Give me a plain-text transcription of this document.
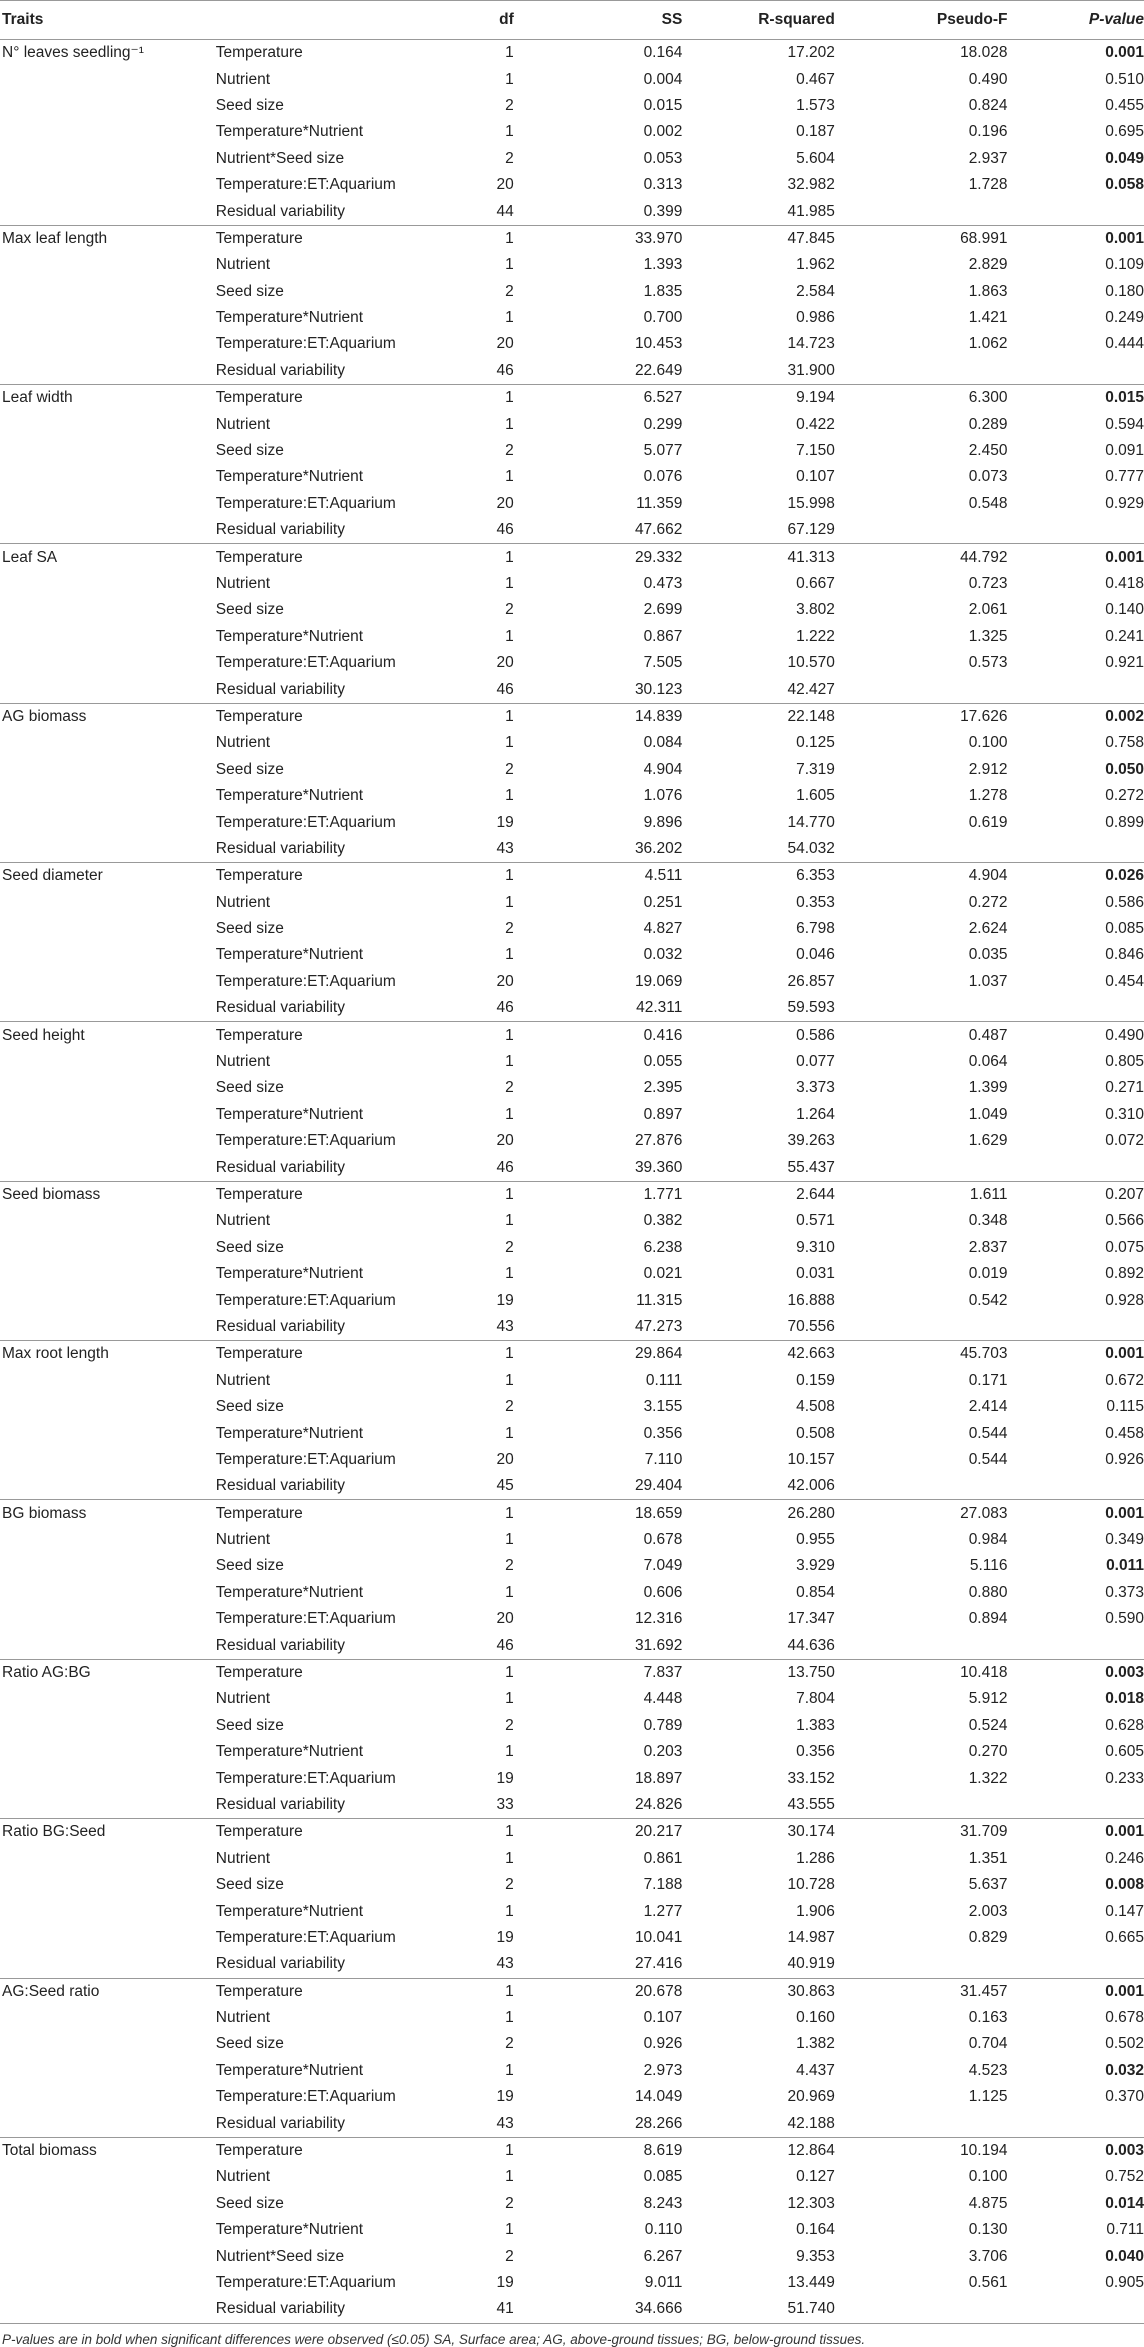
Traits		df	SS	R-squared	Pseudo-F	P-value
N° leaves seedling⁻¹	Temperature	1	0.164	17.202	18.028	0.001
	Nutrient	1	0.004	0.467	0.490	0.510
	Seed size	2	0.015	1.573	0.824	0.455
	Temperature*Nutrient	1	0.002	0.187	0.196	0.695
	Nutrient*Seed size	2	0.053	5.604	2.937	0.049
	Temperature:ET:Aquarium	20	0.313	32.982	1.728	0.058
	Residual variability	44	0.399	41.985		
Max leaf length	Temperature	1	33.970	47.845	68.991	0.001
	Nutrient	1	1.393	1.962	2.829	0.109
	Seed size	2	1.835	2.584	1.863	0.180
	Temperature*Nutrient	1	0.700	0.986	1.421	0.249
	Temperature:ET:Aquarium	20	10.453	14.723	1.062	0.444
	Residual variability	46	22.649	31.900		
Leaf width	Temperature	1	6.527	9.194	6.300	0.015
	Nutrient	1	0.299	0.422	0.289	0.594
	Seed size	2	5.077	7.150	2.450	0.091
	Temperature*Nutrient	1	0.076	0.107	0.073	0.777
	Temperature:ET:Aquarium	20	11.359	15.998	0.548	0.929
	Residual variability	46	47.662	67.129		
Leaf SA	Temperature	1	29.332	41.313	44.792	0.001
	Nutrient	1	0.473	0.667	0.723	0.418
	Seed size	2	2.699	3.802	2.061	0.140
	Temperature*Nutrient	1	0.867	1.222	1.325	0.241
	Temperature:ET:Aquarium	20	7.505	10.570	0.573	0.921
	Residual variability	46	30.123	42.427		
AG biomass	Temperature	1	14.839	22.148	17.626	0.002
	Nutrient	1	0.084	0.125	0.100	0.758
	Seed size	2	4.904	7.319	2.912	0.050
	Temperature*Nutrient	1	1.076	1.605	1.278	0.272
	Temperature:ET:Aquarium	19	9.896	14.770	0.619	0.899
	Residual variability	43	36.202	54.032		
Seed diameter	Temperature	1	4.511	6.353	4.904	0.026
	Nutrient	1	0.251	0.353	0.272	0.586
	Seed size	2	4.827	6.798	2.624	0.085
	Temperature*Nutrient	1	0.032	0.046	0.035	0.846
	Temperature:ET:Aquarium	20	19.069	26.857	1.037	0.454
	Residual variability	46	42.311	59.593		
Seed height	Temperature	1	0.416	0.586	0.487	0.490
	Nutrient	1	0.055	0.077	0.064	0.805
	Seed size	2	2.395	3.373	1.399	0.271
	Temperature*Nutrient	1	0.897	1.264	1.049	0.310
	Temperature:ET:Aquarium	20	27.876	39.263	1.629	0.072
	Residual variability	46	39.360	55.437		
Seed biomass	Temperature	1	1.771	2.644	1.611	0.207
	Nutrient	1	0.382	0.571	0.348	0.566
	Seed size	2	6.238	9.310	2.837	0.075
	Temperature*Nutrient	1	0.021	0.031	0.019	0.892
	Temperature:ET:Aquarium	19	11.315	16.888	0.542	0.928
	Residual variability	43	47.273	70.556		
Max root length	Temperature	1	29.864	42.663	45.703	0.001
	Nutrient	1	0.111	0.159	0.171	0.672
	Seed size	2	3.155	4.508	2.414	0.115
	Temperature*Nutrient	1	0.356	0.508	0.544	0.458
	Temperature:ET:Aquarium	20	7.110	10.157	0.544	0.926
	Residual variability	45	29.404	42.006		
BG biomass	Temperature	1	18.659	26.280	27.083	0.001
	Nutrient	1	0.678	0.955	0.984	0.349
	Seed size	2	7.049	3.929	5.116	0.011
	Temperature*Nutrient	1	0.606	0.854	0.880	0.373
	Temperature:ET:Aquarium	20	12.316	17.347	0.894	0.590
	Residual variability	46	31.692	44.636		
Ratio AG:BG	Temperature	1	7.837	13.750	10.418	0.003
	Nutrient	1	4.448	7.804	5.912	0.018
	Seed size	2	0.789	1.383	0.524	0.628
	Temperature*Nutrient	1	0.203	0.356	0.270	0.605
	Temperature:ET:Aquarium	19	18.897	33.152	1.322	0.233
	Residual variability	33	24.826	43.555		
Ratio BG:Seed	Temperature	1	20.217	30.174	31.709	0.001
	Nutrient	1	0.861	1.286	1.351	0.246
	Seed size	2	7.188	10.728	5.637	0.008
	Temperature*Nutrient	1	1.277	1.906	2.003	0.147
	Temperature:ET:Aquarium	19	10.041	14.987	0.829	0.665
	Residual variability	43	27.416	40.919		
AG:Seed ratio	Temperature	1	20.678	30.863	31.457	0.001
	Nutrient	1	0.107	0.160	0.163	0.678
	Seed size	2	0.926	1.382	0.704	0.502
	Temperature*Nutrient	1	2.973	4.437	4.523	0.032
	Temperature:ET:Aquarium	19	14.049	20.969	1.125	0.370
	Residual variability	43	28.266	42.188		
Total biomass	Temperature	1	8.619	12.864	10.194	0.003
	Nutrient	1	0.085	0.127	0.100	0.752
	Seed size	2	8.243	12.303	4.875	0.014
	Temperature*Nutrient	1	0.110	0.164	0.130	0.711
	Nutrient*Seed size	2	6.267	9.353	3.706	0.040
	Temperature:ET:Aquarium	19	9.011	13.449	0.561	0.905
	Residual variability	41	34.666	51.740		
P-values are in bold when significant differences were observed (≤0.05) SA, Surface area; AG, above-ground tissues; BG, below-ground tissues.
